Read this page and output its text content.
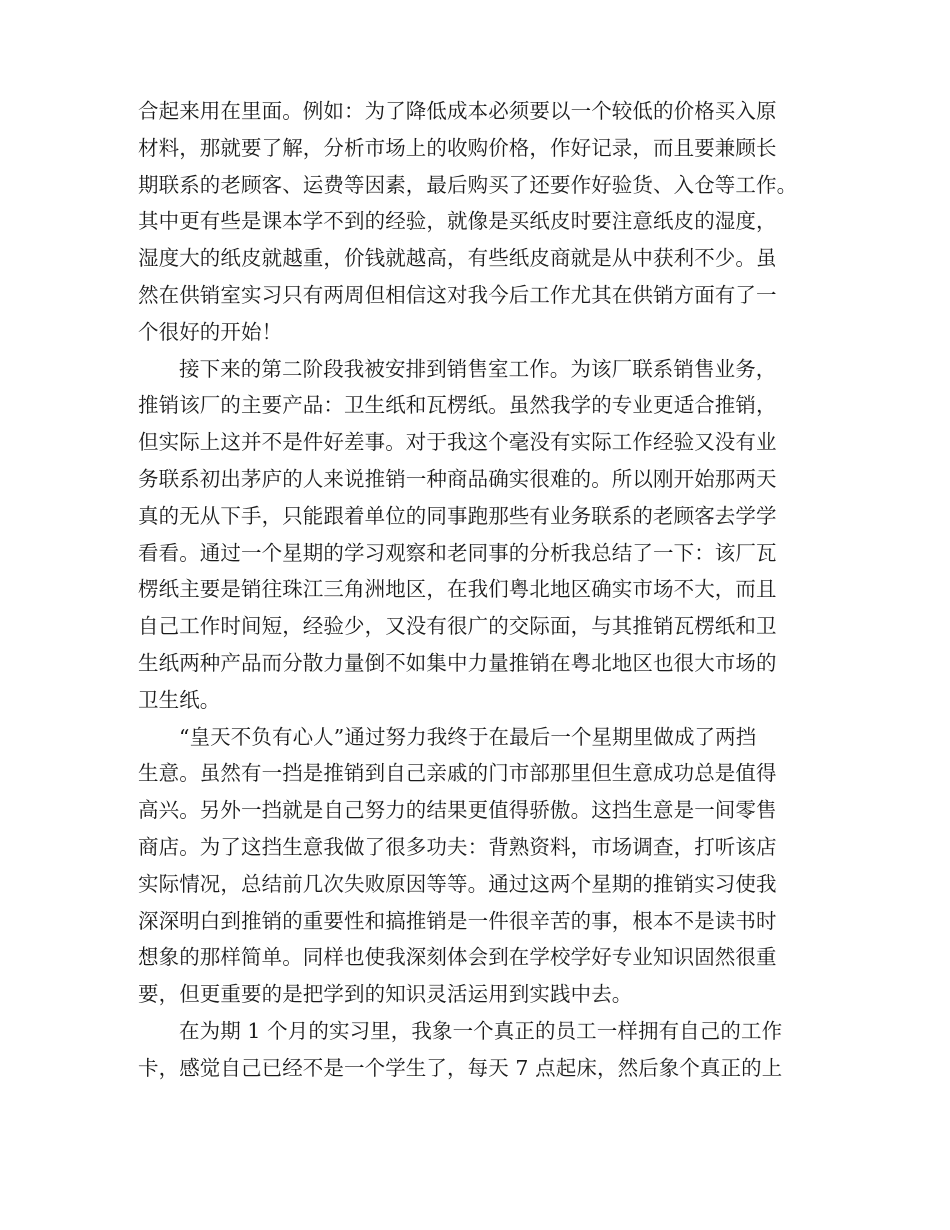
合起来用在里面。例如：为了降低成本必须要以一个较低的价格买入原
材料，那就要了解，分析市场上的收购价格，作好记录，而且要兼顾长
期联系的老顾客、运费等因素，最后购买了还要作好验货、入仓等工作。
其中更有些是课本学不到的经验，就像是买纸皮时要注意纸皮的湿度，
湿度大的纸皮就越重，价钱就越高，有些纸皮商就是从中获利不少。虽
然在供销室实习只有两周但相信这对我今后工作尤其在供销方面有了一
个很好的开始！
接下来的第二阶段我被安排到销售室工作。为该厂联系销售业务，
推销该厂的主要产品：卫生纸和瓦楞纸。虽然我学的专业更适合推销，
但实际上这并不是件好差事。对于我这个毫没有实际工作经验又没有业
务联系初出茅庐的人来说推销一种商品确实很难的。所以刚开始那两天
真的无从下手，只能跟着单位的同事跑那些有业务联系的老顾客去学学
看看。通过一个星期的学习观察和老同事的分析我总结了一下：该厂瓦
楞纸主要是销往珠江三角洲地区，在我们粤北地区确实市场不大，而且
自己工作时间短，经验少，又没有很广的交际面，与其推销瓦楞纸和卫
生纸两种产品而分散力量倒不如集中力量推销在粤北地区也很大市场的
卫生纸。
“皇天不负有心人”通过努力我终于在最后一个星期里做成了两挡
生意。虽然有一挡是推销到自己亲戚的门市部那里但生意成功总是值得
高兴。另外一挡就是自己努力的结果更值得骄傲。这挡生意是一间零售
商店。为了这挡生意我做了很多功夫：背熟资料，市场调查，打听该店
实际情况，总结前几次失败原因等等。通过这两个星期的推销实习使我
深深明白到推销的重要性和搞推销是一件很辛苦的事，根本不是读书时
想象的那样简单。同样也使我深刻体会到在学校学好专业知识固然很重
要，但更重要的是把学到的知识灵活运用到实践中去。
在为期 1 个月的实习里，我象一个真正的员工一样拥有自己的工作
卡，感觉自己已经不是一个学生了，每天 7 点起床，然后象个真正的上
